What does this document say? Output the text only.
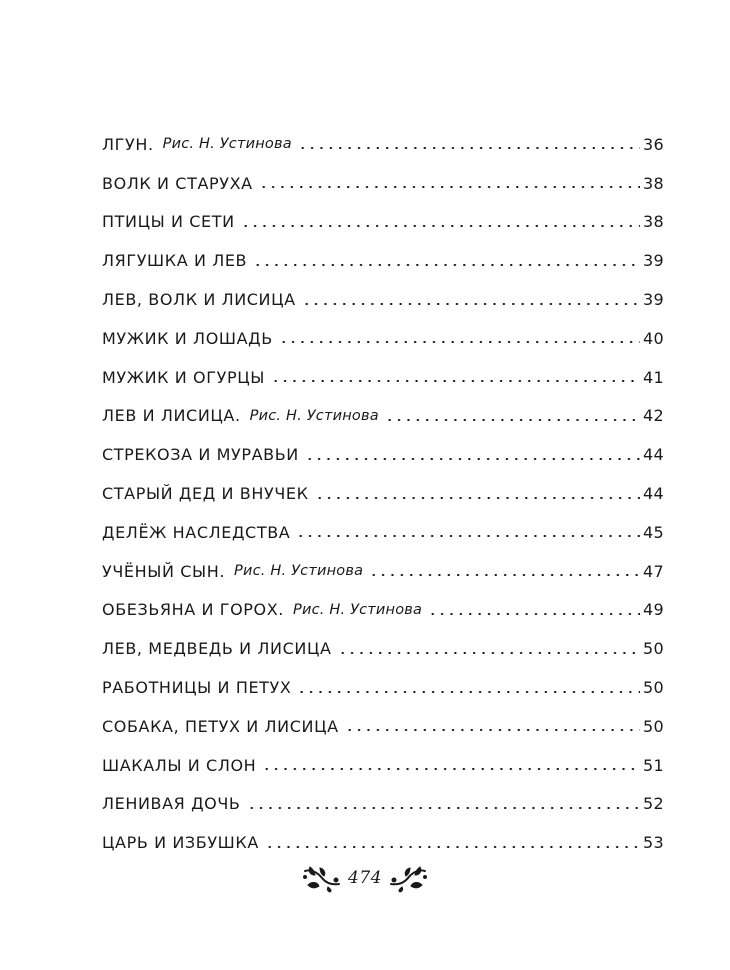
ЛГУН. Рис. Н. Устинова	36
ВОЛК И СТАРУХА	38
ПТИЦЫ И СЕТИ	38
ЛЯГУШКА И ЛЕВ	39
ЛЕВ, ВОЛК И ЛИСИЦА	39
МУЖИК И ЛОШАДЬ	40
МУЖИК И ОГУРЦЫ	41
ЛЕВ И ЛИСИЦА. Рис. Н. Устинова	42
СТРЕКОЗА И МУРАВЬИ	44
СТАРЫЙ ДЕД И ВНУЧЕК	44
ДЕЛЁЖ НАСЛЕДСТВА	45
УЧЁНЫЙ СЫН. Рис. Н. Устинова	47
ОБЕЗЬЯНА И ГОРОХ. Рис. Н. Устинова	49
ЛЕВ, МЕДВЕДЬ И ЛИСИЦА	50
РАБОТНИЦЫ И ПЕТУХ	50
СОБАКА, ПЕТУХ И ЛИСИЦА	50
ШАКАЛЫ И СЛОН	51
ЛЕНИВАЯ ДОЧЬ	52
ЦАРЬ И ИЗБУШКА	53
474
